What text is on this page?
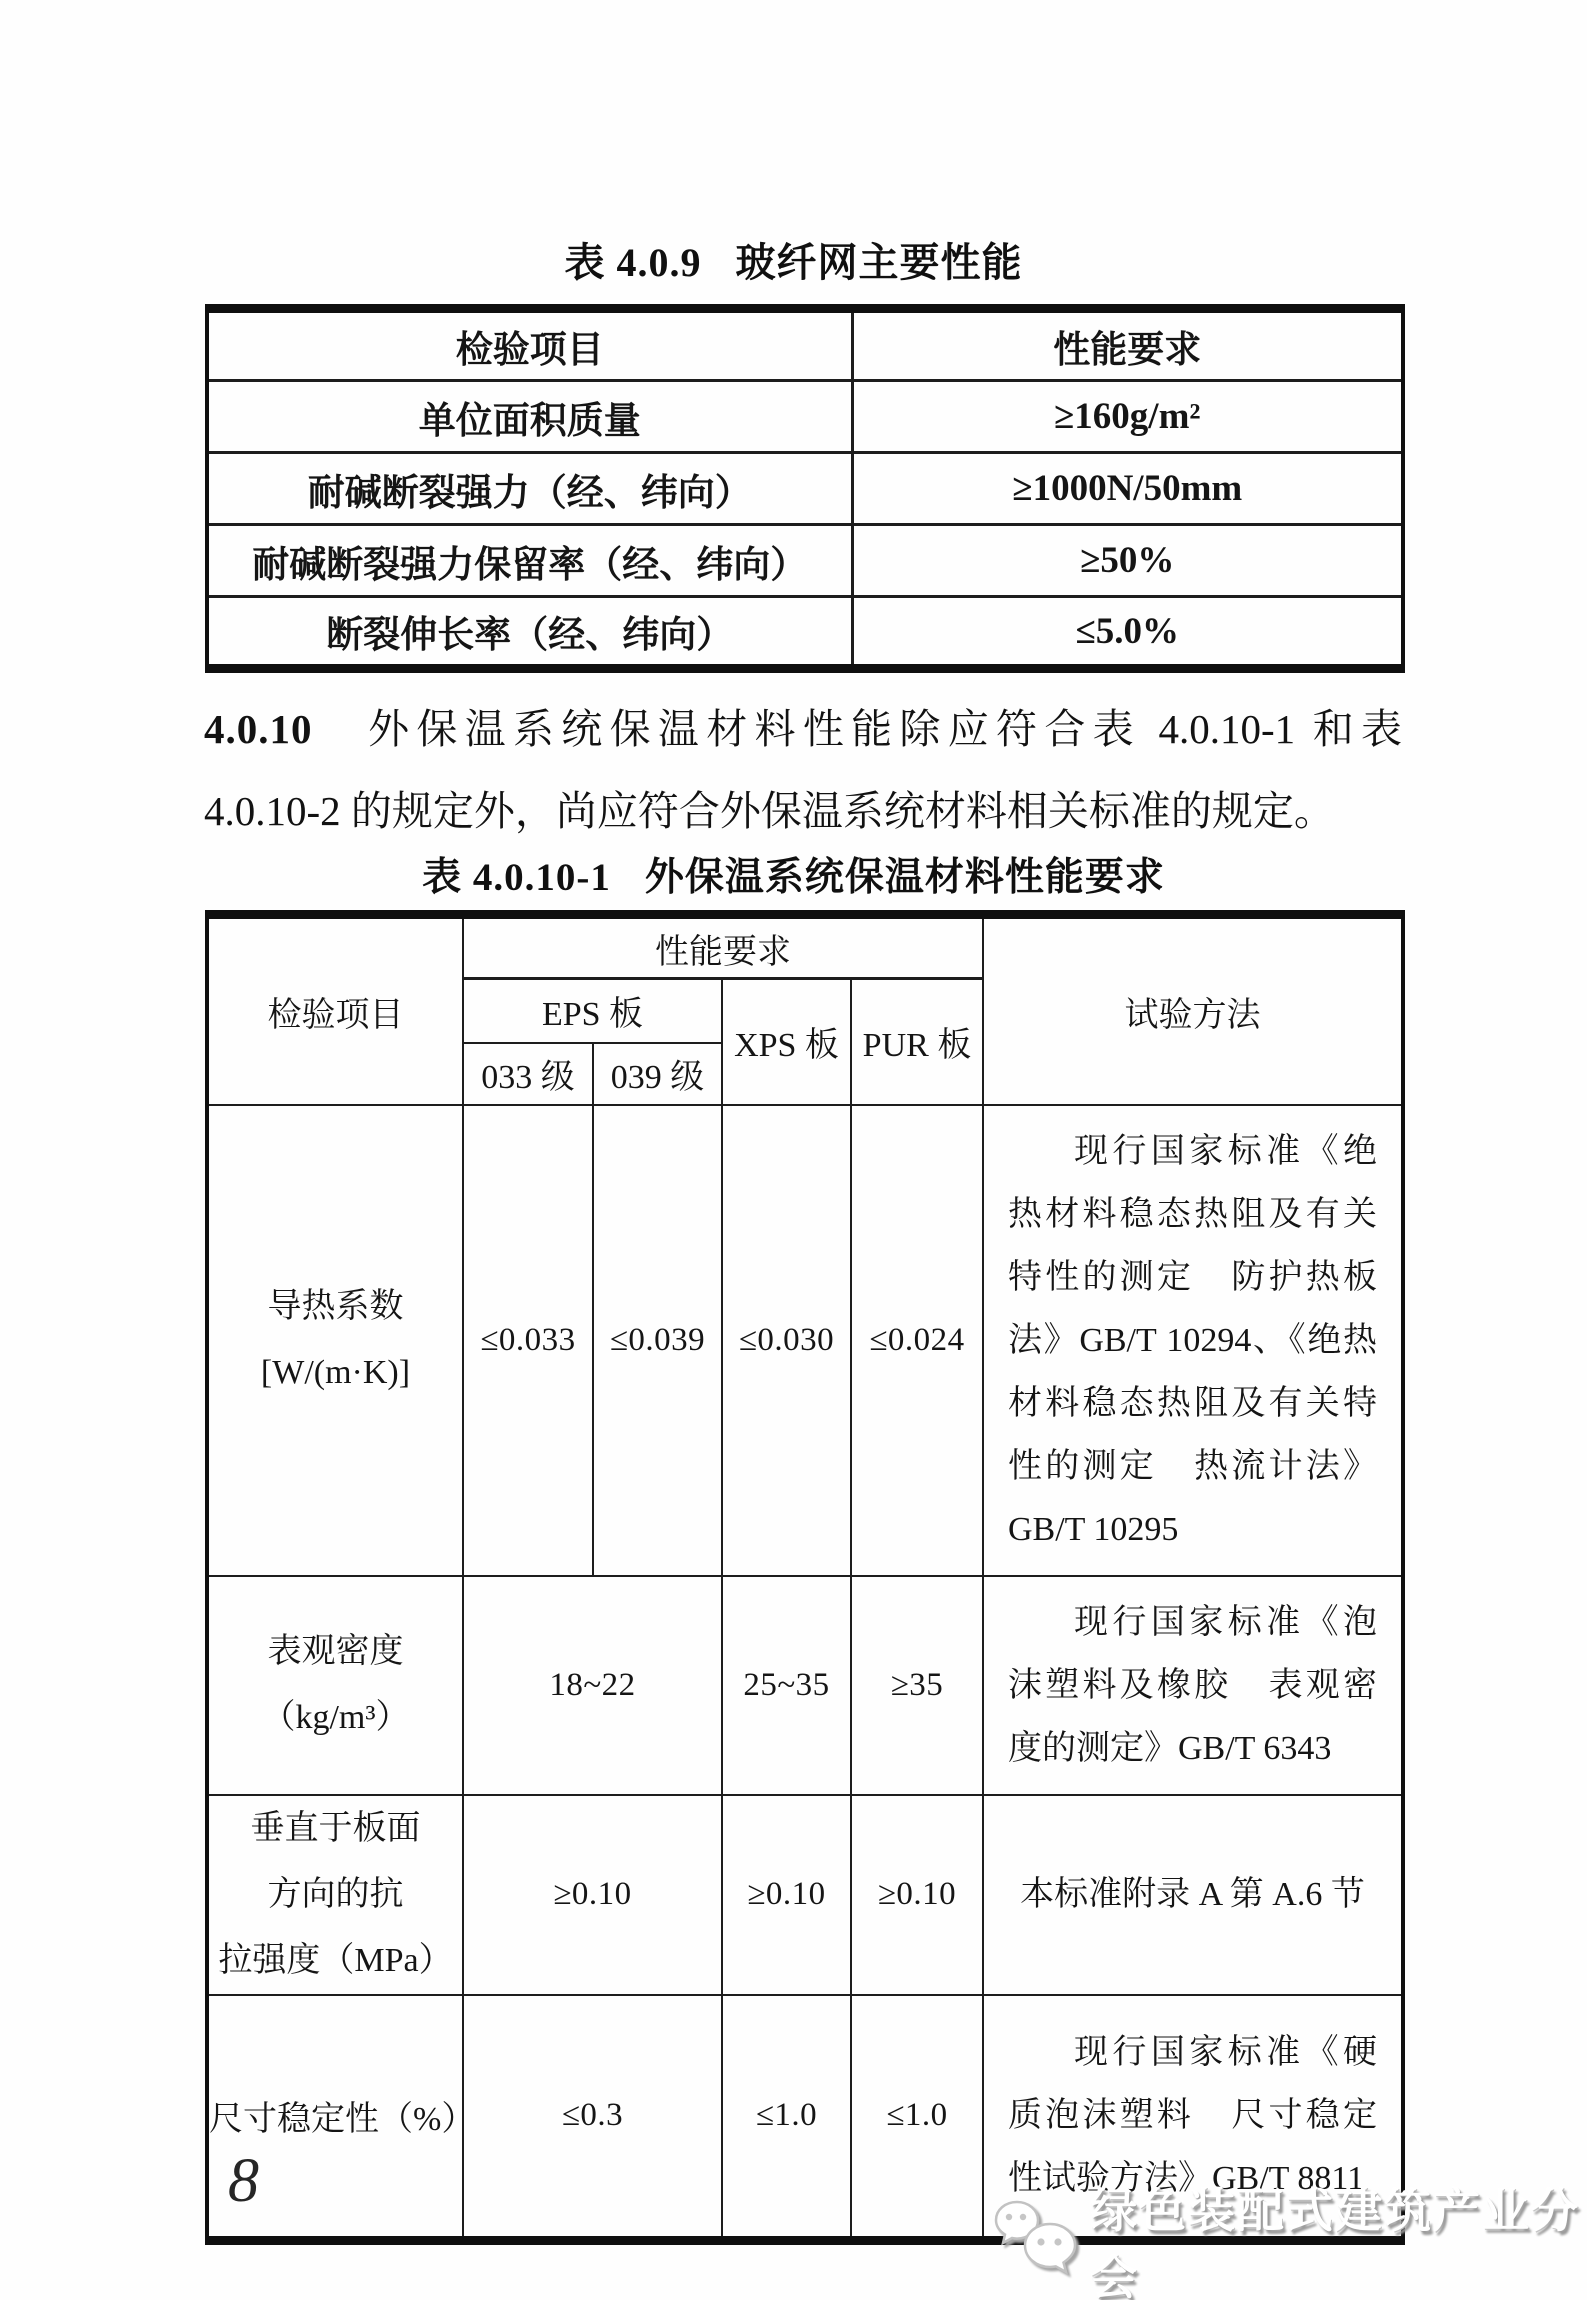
表 4.0.9 玻纤网主要性能
检验项目	性能要求
单位面积质量	≥160g/m²
耐碱断裂强力（经、纬向）	≥1000N/50mm
耐碱断裂强力保留率（经、纬向）	≥50%
断裂伸长率（经、纬向）	≤5.0%
4.0.10　外保温系统保温材料性能除应符合表 4.0.10-1 和表
4.0.10-2 的规定外，尚应符合外保温系统材料相关标准的规定。
表 4.0.10-1 外保温系统保温材料性能要求
检验项目	性能要求				试验方法
	EPS 板		XPS 板	PUR 板	
	033 级	039 级			

导热系数
[W/(m·K)]	≤0.033	≤0.039	≤0.030	≤0.024	现行国家标准《绝热材料稳态热阻及有关特性的测定　防护热板法》GB/T 10294、《绝热材料稳态热阻及有关特性的测定　热流计法》GB/T 10295

表观密度
（kg/m³）	18~22		25~35	≥35	现行国家标准《泡沫塑料及橡胶　表观密度的测定》GB/T 6343

垂直于板面
方向的抗
拉强度（MPa）	≥0.10		≥0.10	≥0.10	本标准附录 A 第 A.6 节
尺寸稳定性（%）	≤0.3		≤1.0	≤1.0	现行国家标准《硬质泡沫塑料　尺寸稳定性试验方法》GB/T 8811
8	绿色装配式建筑产业分会
